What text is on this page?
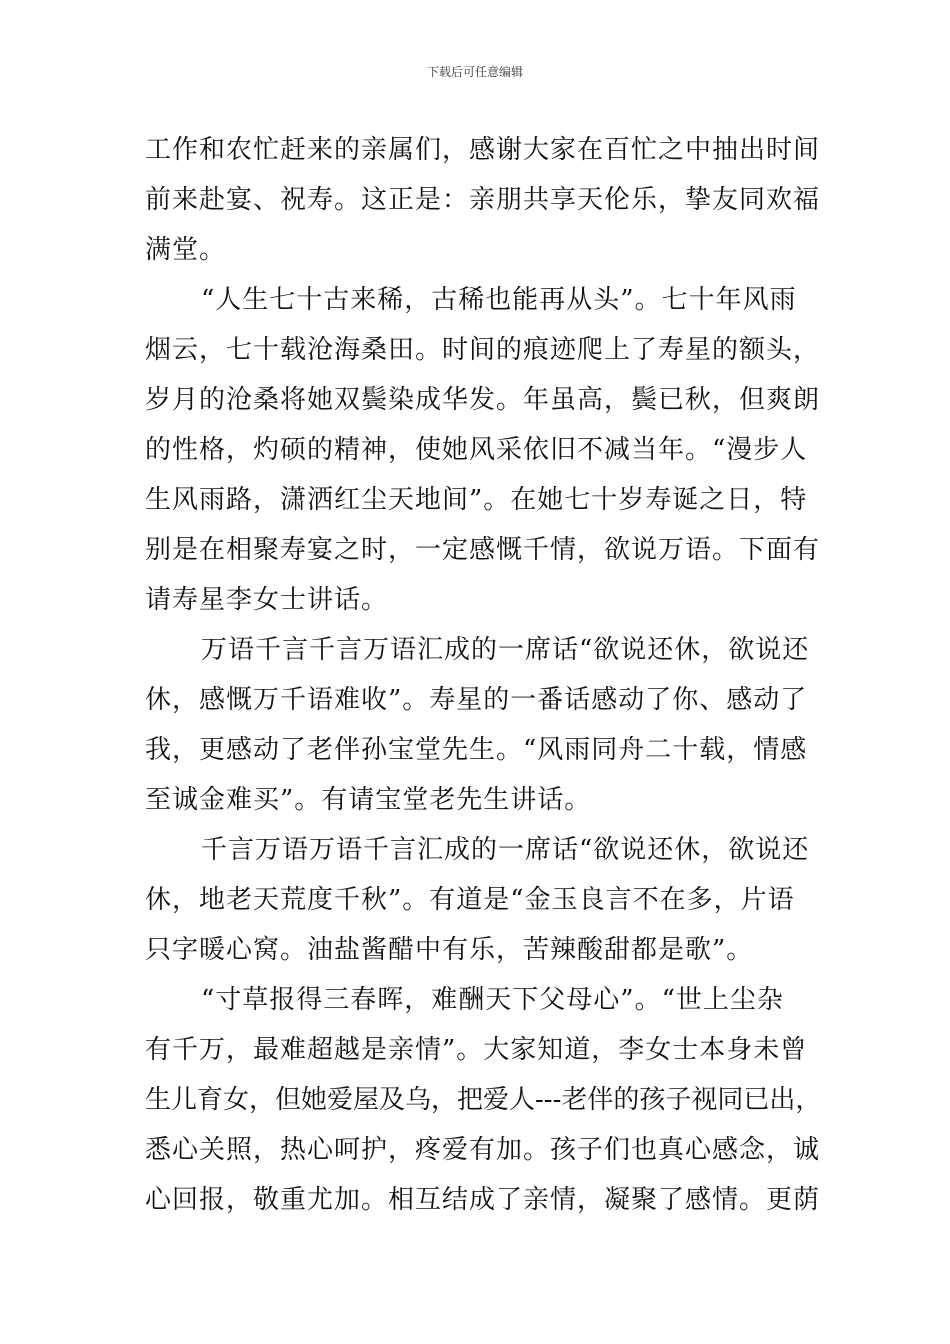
下载后可任意编辑

工作和农忙赶来的亲属们，感谢大家在百忙之中抽出时间
前来赴宴、祝寿。这正是：亲朋共享天伦乐，挚友同欢福
满堂。

“人生七十古来稀，古稀也能再从头”。七十年风雨
烟云，七十载沧海桑田。时间的痕迹爬上了寿星的额头，
岁月的沧桑将她双鬓染成华发。年虽高，鬓已秋，但爽朗
的性格，灼硕的精神，使她风采依旧不减当年。“漫步人
生风雨路，潇洒红尘天地间”。在她七十岁寿诞之日，特
别是在相聚寿宴之时，一定感慨千情，欲说万语。下面有
请寿星李女士讲话。

万语千言千言万语汇成的一席话“欲说还休，欲说还
休，感慨万千语难收”。寿星的一番话感动了你、感动了
我，更感动了老伴孙宝堂先生。“风雨同舟二十载，情感
至诚金难买”。有请宝堂老先生讲话。

千言万语万语千言汇成的一席话“欲说还休，欲说还
休，地老天荒度千秋”。有道是“金玉良言不在多，片语
只字暖心窝。油盐酱醋中有乐，苦辣酸甜都是歌”。

“寸草报得三春晖，难酬天下父母心”。“世上尘杂
有千万，最难超越是亲情”。大家知道，李女士本身未曾
生儿育女，但她爱屋及乌，把爱人---老伴的孩子视同已出，
悉心关照，热心呵护，疼爱有加。孩子们也真心感念，诚
心回报，敬重尤加。相互结成了亲情，凝聚了感情。更荫
